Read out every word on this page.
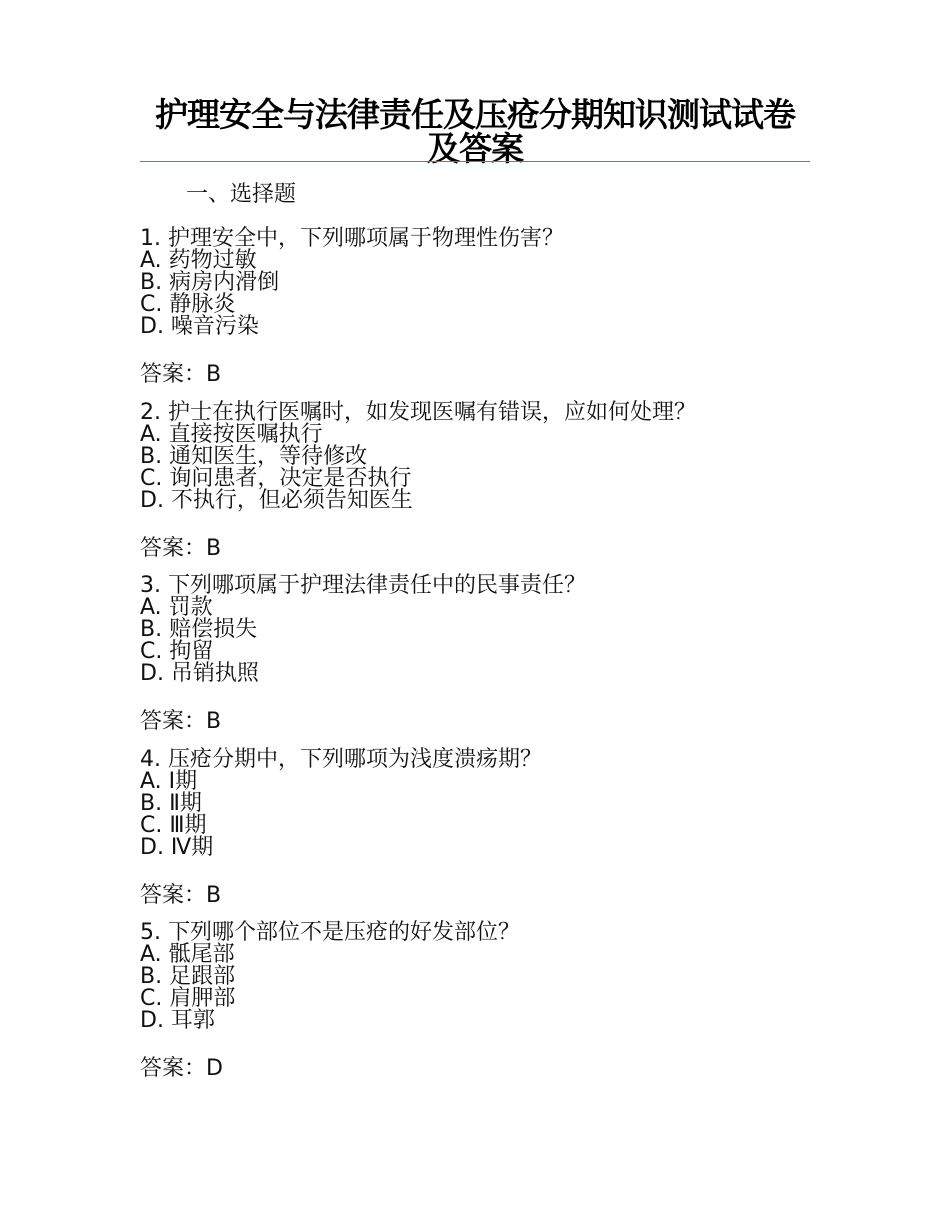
护理安全与法律责任及压疮分期知识测试试卷及答案
一、选择题
1. 护理安全中，下列哪项属于物理性伤害？
A. 药物过敏
B. 病房内滑倒
C. 静脉炎
D. 噪音污染
答案：B
2. 护士在执行医嘱时，如发现医嘱有错误，应如何处理？
A. 直接按医嘱执行
B. 通知医生，等待修改
C. 询问患者，决定是否执行
D. 不执行，但必须告知医生
答案：B
3. 下列哪项属于护理法律责任中的民事责任？
A. 罚款
B. 赔偿损失
C. 拘留
D. 吊销执照
答案：B
4. 压疮分期中，下列哪项为浅度溃疡期？
A. Ⅰ期
B. Ⅱ期
C. Ⅲ期
D. Ⅳ期
答案：B
5. 下列哪个部位不是压疮的好发部位？
A. 骶尾部
B. 足跟部
C. 肩胛部
D. 耳郭
答案：D
